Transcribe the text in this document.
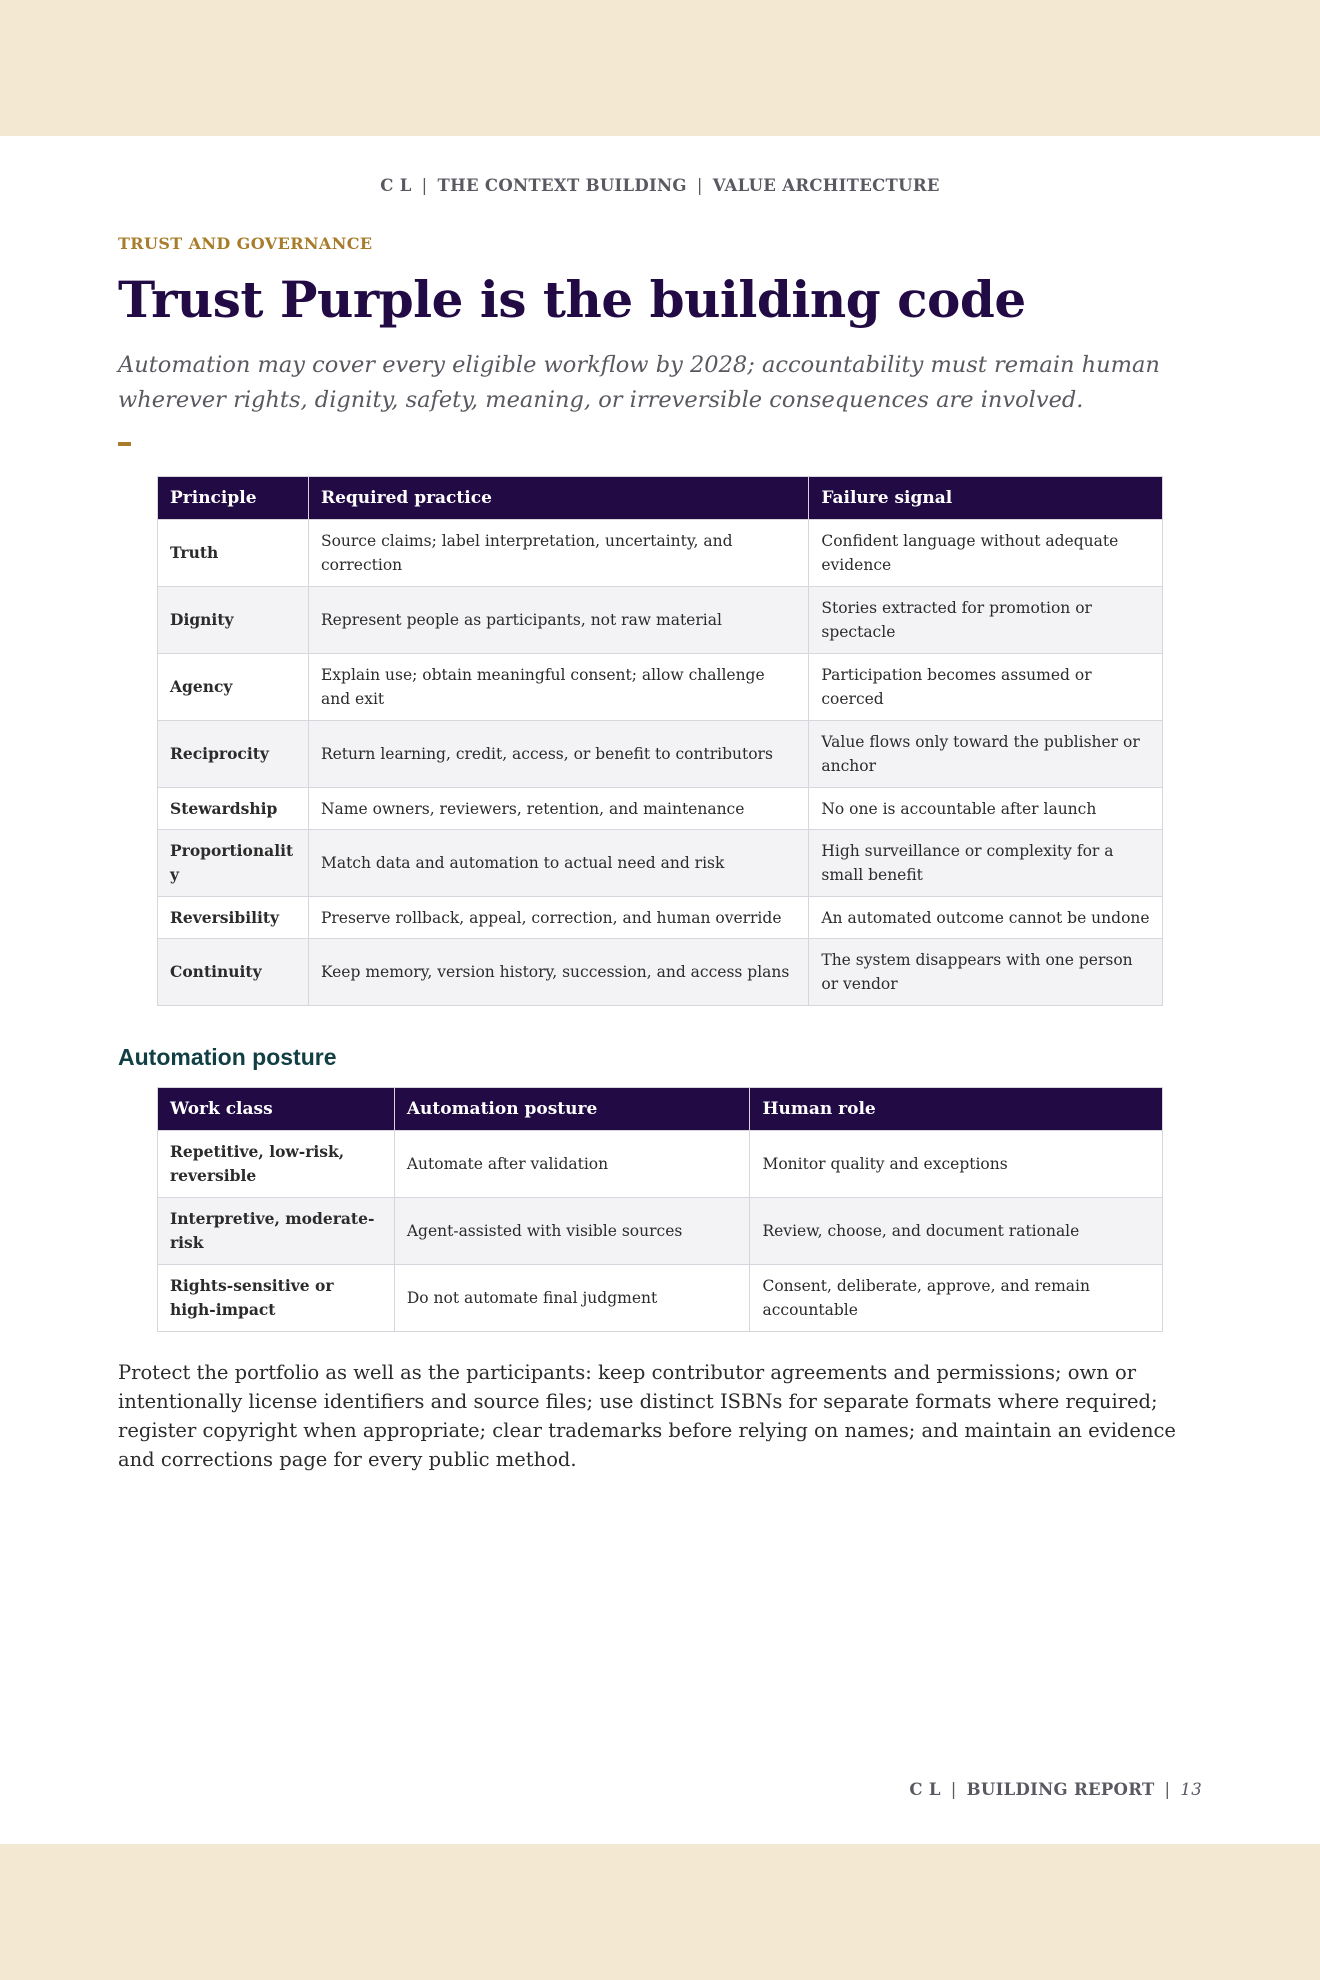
C L | THE CONTEXT BUILDING | VALUE ARCHITECTURE
TRUST AND GOVERNANCE
Trust Purple is the building code
Automation may cover every eligible workflow by 2028; accountability must remain human wherever rights, dignity, safety, meaning, or irreversible consequences are involved.
Principle	Required practice	Failure signal
Truth	Source claims; label interpretation, uncertainty, and correction	Confident language without adequate evidence
Dignity	Represent people as participants, not raw material	Stories extracted for promotion or spectacle
Agency	Explain use; obtain meaningful consent; allow challenge and exit	Participation becomes assumed or coerced
Reciprocity	Return learning, credit, access, or benefit to contributors	Value flows only toward the publisher or anchor
Stewardship	Name owners, reviewers, retention, and maintenance	No one is accountable after launch
Proportionality	Match data and automation to actual need and risk	High surveillance or complexity for a small benefit
Reversibility	Preserve rollback, appeal, correction, and human override	An automated outcome cannot be undone
Continuity	Keep memory, version history, succession, and access plans	The system disappears with one person or vendor
Automation posture
Work class	Automation posture	Human role
Repetitive, low-risk, reversible	Automate after validation	Monitor quality and exceptions
Interpretive, moderate-risk	Agent-assisted with visible sources	Review, choose, and document rationale
Rights-sensitive or high-impact	Do not automate final judgment	Consent, deliberate, approve, and remain accountable

Protect the portfolio as well as the participants: keep contributor agreements and permissions; own or intentionally license identifiers and source files; use distinct ISBNs for separate formats where required; register copyright when appropriate; clear trademarks before relying on names; and maintain an evidence and corrections page for every public method.

C L | BUILDING REPORT | 13
